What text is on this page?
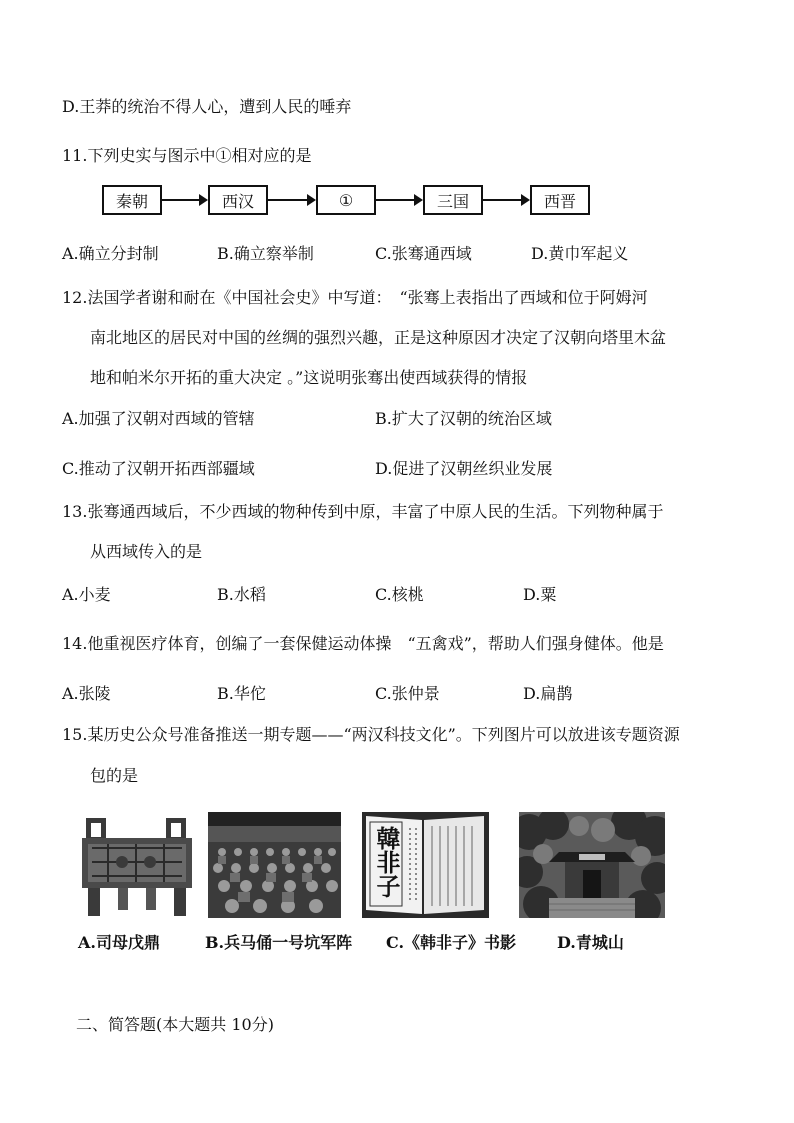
D.王莽的统治不得人心，遭到人民的唾弃
11.下列史实与图示中①相对应的是
秦朝	西汉	①	三国	西晋
A.确立分封制	B.确立察举制	C.张骞通西域	D.黄巾军起义
12.法国学者谢和耐在《中国社会史》中写道：　“张骞上表指出了西域和位于阿姆河
南北地区的居民对中国的丝绸的强烈兴趣，正是这种原因才决定了汉朝向塔里木盆
地和帕米尔开拓的重大决定 。”这说明张骞出使西域获得的情报
A.加强了汉朝对西域的管辖	B.扩大了汉朝的统治区域
C.推动了汉朝开拓西部疆域	D.促进了汉朝丝织业发展
13.张骞通西域后，不少西域的物种传到中原，丰富了中原人民的生活。下列物种属于
从西域传入的是
A.小麦	B.水稻	C.核桃	D.粟
14.他重视医疗体育，创编了一套保健运动体操　“五禽戏”，帮助人们强身健体。他是
A.张陵	B.华佗	C.张仲景	D.扁鹊
15.某历史公众号准备推送一期专题——“两汉科技文化”。下列图片可以放进该专题资源
包的是
韓非子
A.司母戊鼎	B.兵马俑一号坑军阵 C.《韩非子》书影	D.青城山
二、简答题(本大题共 10分)
